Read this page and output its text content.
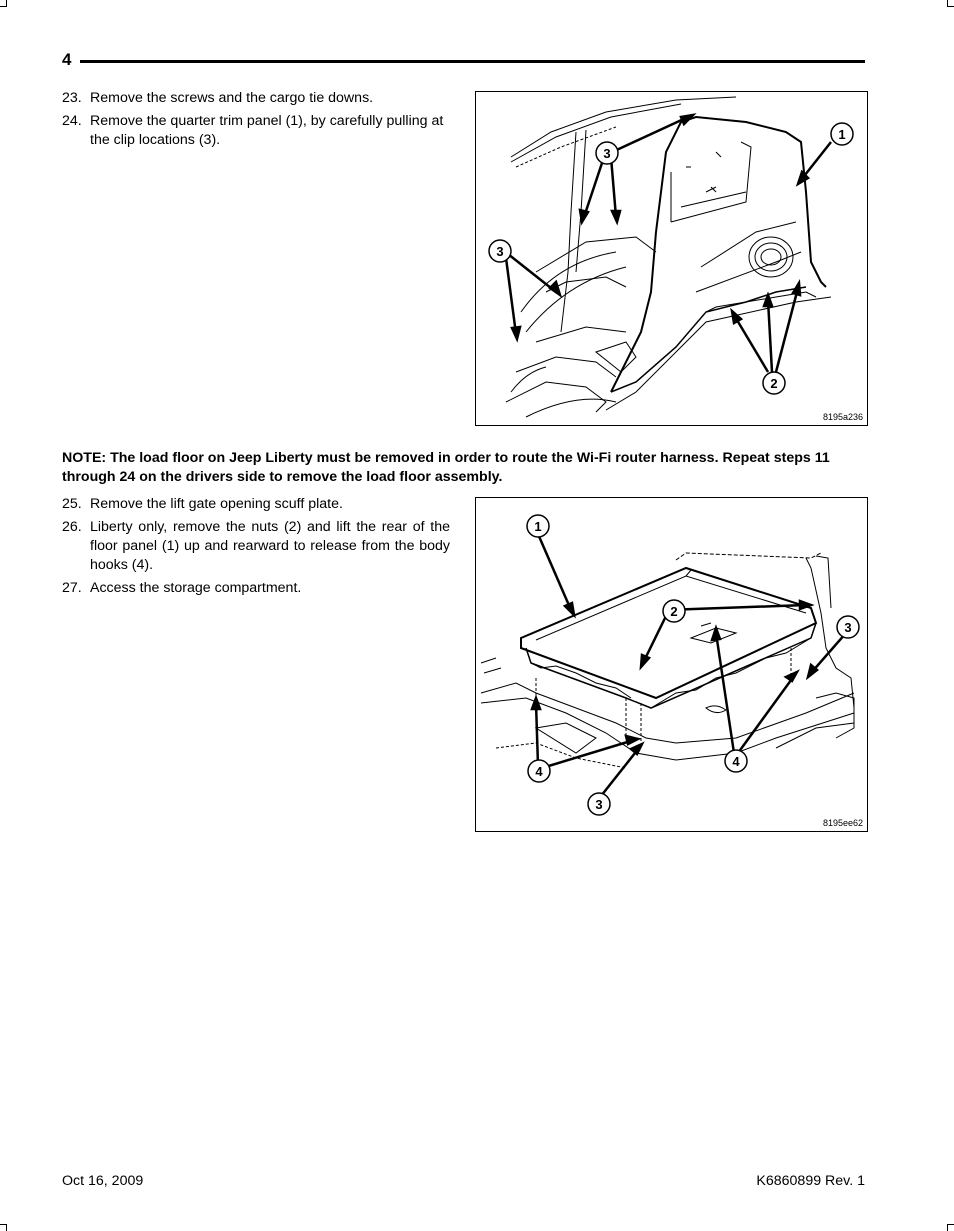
4
23. Remove the screws and the cargo tie downs.
24. Remove the quarter trim panel (1), by carefully pulling at the clip locations (3).	1
3
3
2
8195a236
NOTE: The load floor on Jeep Liberty must be removed in order to route the Wi-Fi router harness. Repeat steps 11 through 24 on the drivers side to remove the load floor assembly.
25. Remove the lift gate opening scuff plate.
26. Liberty only, remove the nuts (2) and lift the rear of the floor panel (1) up and rearward to release from the body hooks (4).
27. Access the storage compartment.
1
2
3
4
4
3
8195ee62
Oct 16, 2009	K6860899 Rev. 1
